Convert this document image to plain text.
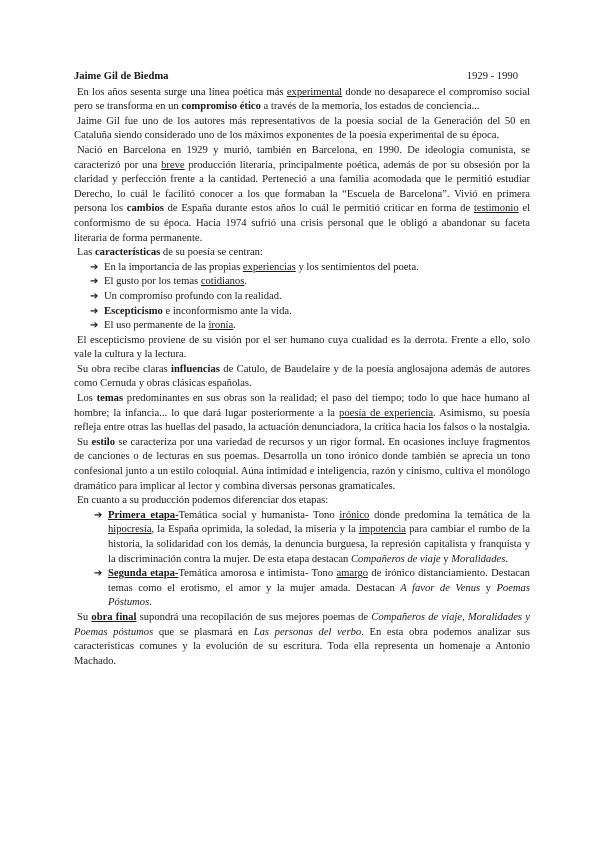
Jaime Gil de Biedma	1929 - 1990

En los años sesenta surge una línea poética más experimental donde no desaparece el compromiso social pero se transforma en un compromiso ético a través de la memoria, los estados de conciencia...

Jaime Gil fue uno de los autores más representativos de la poesía social de la Generación del 50 en Cataluña siendo considerado uno de los máximos exponentes de la poesía experimental de su época.

Nació en Barcelona en 1929 y murió, también en Barcelona, en 1990. De ideología comunista, se caracterizó por una breve producción literaria, principalmente poética, además de por su obsesión por la claridad y perfección frente a la cantidad. Perteneció a una familia acomodada que le permitió estudiar Derecho, lo cuál le facilitó conocer a los que formaban la “Escuela de Barcelona”. Vivió en primera persona los cambios de España durante estos años lo cuál le permitió criticar en forma de testimonio el conformismo de su época. Hacia 1974 sufrió una crisis personal que le obligó a abandonar su faceta literaria de forma permanente.

Las características de su poesía se centran:

➔ En la importancia de las propias experiencias y los sentimientos del poeta.
➔ El gusto por los temas cotidianos.
➔ Un compromiso profundo con la realidad.
➔ Escepticismo e inconformismo ante la vida.
➔ El uso permanente de la ironía.

El escepticismo proviene de su visión por el ser humano cuya cualidad es la derrota. Frente a ello, solo vale la cultura y la lectura.

Su obra recibe claras influencias de Catulo, de Baudelaire y de la poesía anglosajona además de autores como Cernuda y obras clásicas españolas.

Los temas predominantes en sus obras son la realidad; el paso del tiempo; todo lo que hace humano al hombre; la infancia... lo que dará lugar posteriormente a la poesía de experiencia. Asimismo, su poesía refleja entre otras las huellas del pasado, la actuación denunciadora, la crítica hacia los falsos o la nostalgia.

Su estilo se caracteriza por una variedad de recursos y un rigor formal. En ocasiones incluye fragmentos de canciones o de lecturas en sus poemas. Desarrolla un tono irónico donde también se aprecia un tono confesional junto a un estilo coloquial. Aúna intimidad e inteligencia, razón y cinismo, cultiva el monólogo dramático para implicar al lector y combina diversas personas gramaticales.

En cuanto a su producción podemos diferenciar dos etapas:

➔ Primera etapa-Temática social y humanista- Tono irónico donde predomina la temática de la hipocresía, la España oprimida, la soledad, la miseria y la impotencia para cambiar el rumbo de la historia, la solidaridad con los demás, la denuncia burguesa, la represión capitalista y franquista y la discriminación contra la mujer. De esta etapa destacan Compañeros de viaje y Moralidades.
➔ Segunda etapa-Temática amorosa e intimista- Tono amargo de irónico distanciamiento. Destacan temas como el erotismo, el amor y la mujer amada. Destacan A favor de Venus y Poemas Póstumos.

Su obra final supondrá una recopilación de sus mejores poemas de Compañeros de viaje, Moralidades y Poemas póstumos que se plasmará en Las personas del verbo. En esta obra podemos analizar sus características comunes y la evolución de su escritura. Toda ella representa un homenaje a Antonio Machado.
